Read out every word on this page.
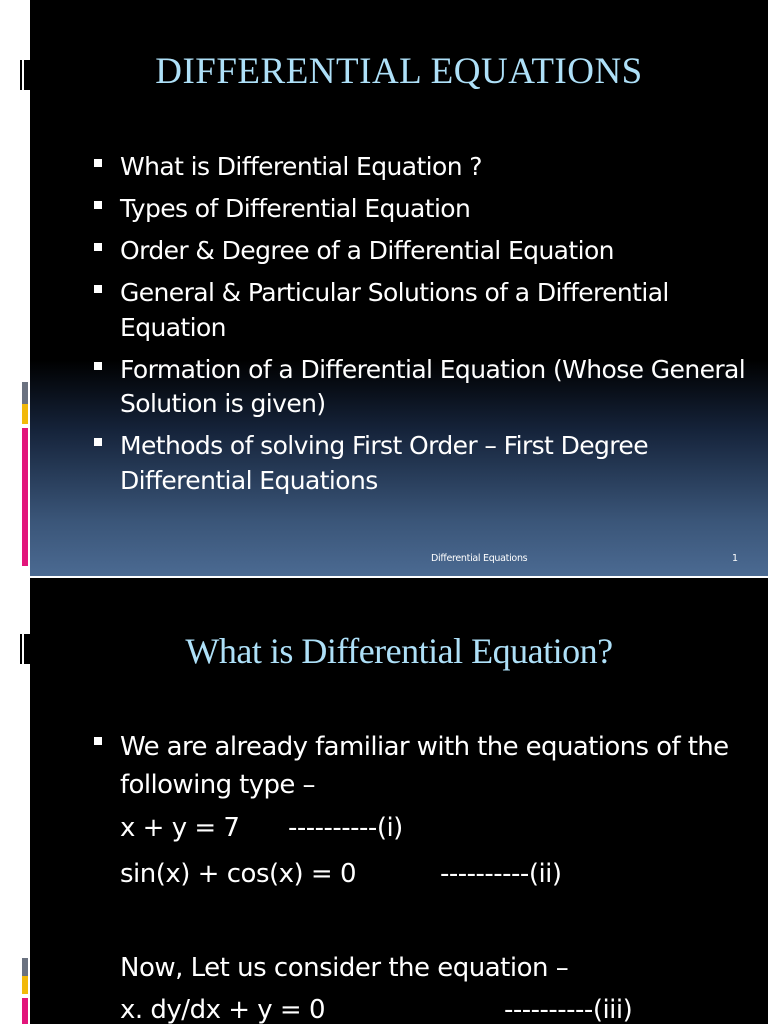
DIFFERENTIAL EQUATIONS
What is Differential Equation ?
Types of Differential Equation
Order & Degree of a Differential Equation
General & Particular Solutions of a Differential Equation
Formation of a Differential Equation (Whose General Solution is given)
Methods of solving First Order – First Degree Differential Equations
Differential Equations	1
What is Differential Equation?
We are already familiar with the equations of the following type –
x + y = 7 ----------(i)
sin(x) + cos(x) = 0	----------(ii)
Now, Let us consider the equation –
x. dy/dx + y = 0	----------(iii)
